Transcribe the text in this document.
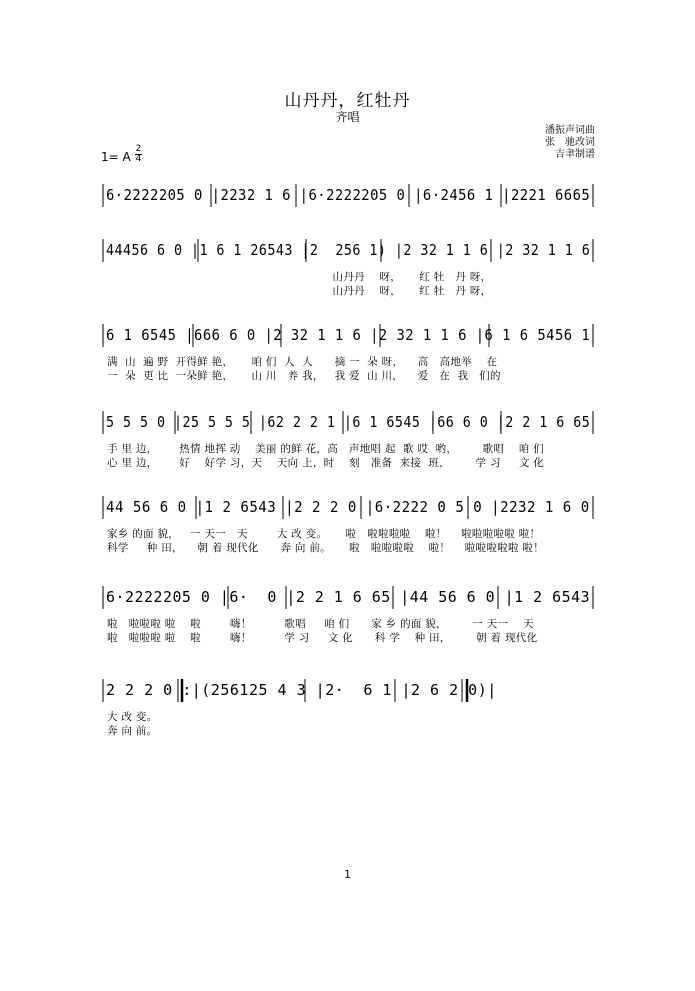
山丹丹，红牡丹
齐唱
潘振声词曲
张　驰改词
吉聿制谱
1= A
2
4
6·2222205 0 |2232 1 6 |6·2222205 0 |6·2456 1 |2221 6665
44456 6 0 |1 6 1 26543 |2  256 1) |2 32 1 1 6 |2 32 1 1 6
山丹丹    呀，     红 牡   丹 呀，
山丹丹    呀，     红 牡   丹 呀，
6 1 6545 |666 6 0 |2 32 1 1 6 |2 32 1 1 6 |6 1 6 5456 1
满  山  遍 野  开得鲜 艳，     咱 们  人  人      摘 一  朵 呀，    高   高地举    在
一  朵  更 比  一朵鲜 艳，     山 川   养 我，   我 爱  山 川，    爱   在  我   们的
5 5 5 0 |25 5 5 5 |62 2 2 1 |6 1 6545 |66 6 0 |2 2 1 6 65
手 里 边，      热情 地挥 动    美丽 的鲜 花，高   声地唱 起  歌 哎  哟，       歌唱    咱 们
心 里 边，      好    好学 习，天    天向 上，时    刻   准备  来接  班，       学 习     文 化
44 56 6 0 |1 2 6543 |2 2 2 0 |6·2222 0 5 0 |2232 1 6 0
家乡 的面 貌，   一 天一   天        大 改 变。     啦   啦啦啦啦    啦！    啦啦啦啦啦 啦！
科学     种 田，    朝 着 现代化      奔 向 前。     啦   啦啦啦啦    啦！    啦啦啦啦啦 啦！
6·2222205 0 |6·  0 |2 2 1 6 65 |44 56 6 0 |1 2 6543
啦   啦啦啦 啦    啦        嗨！         歌唱     咱 们      家 乡 的面 貌，       一 天一    天
啦   啦啦啦 啦    啦        嗨！         学 习     文 化      科 学    种 田，       朝 着 现代化
2 2 2 0 :|(256125 4 3 |2·  6 1 |2 6 2 0)|
大 改 变。
奔 向 前。
1
